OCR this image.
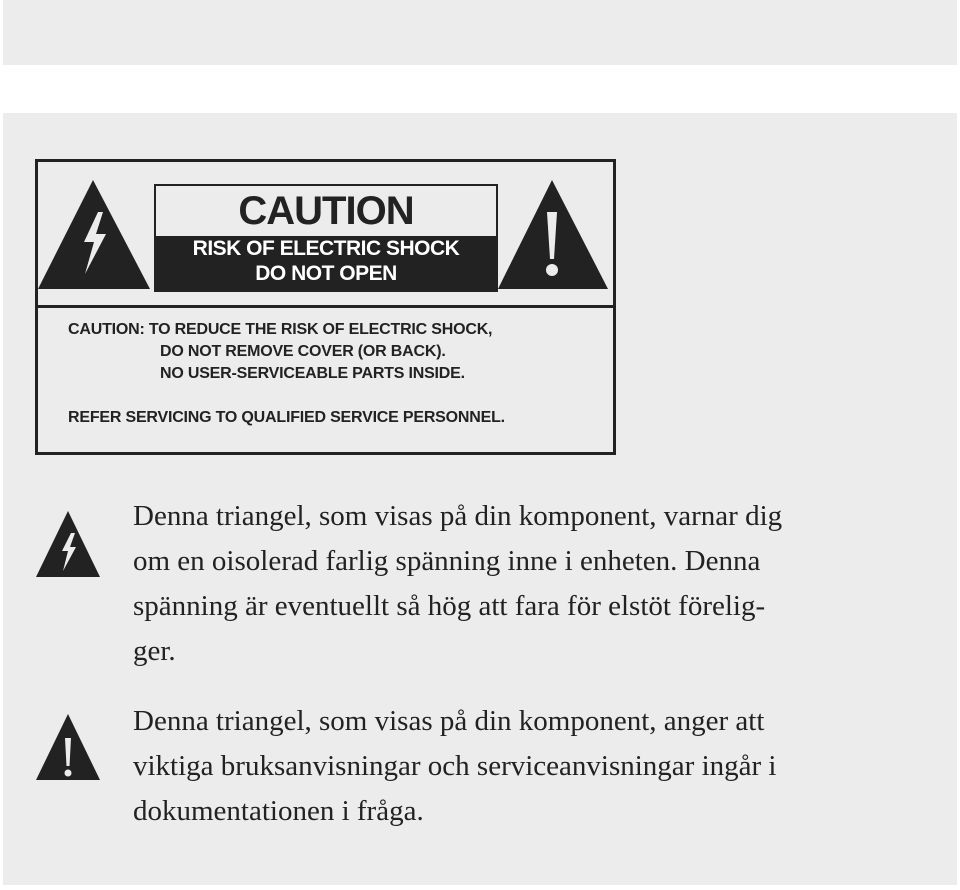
CAUTION
RISK OF ELECTRIC SHOCK
DO NOT OPEN
CAUTION: TO REDUCE THE RISK OF ELECTRIC SHOCK,
DO NOT REMOVE COVER (OR BACK).
NO USER-SERVICEABLE PARTS INSIDE.
REFER SERVICING TO QUALIFIED SERVICE PERSONNEL.
Denna triangel, som visas på din komponent, varnar dig
om en oisolerad farlig spänning inne i enheten. Denna
spänning är eventuellt så hög att fara för elstöt förelig-
ger.
Denna triangel, som visas på din komponent, anger att
viktiga bruksanvisningar och serviceanvisningar ingår i
dokumentationen i fråga.
